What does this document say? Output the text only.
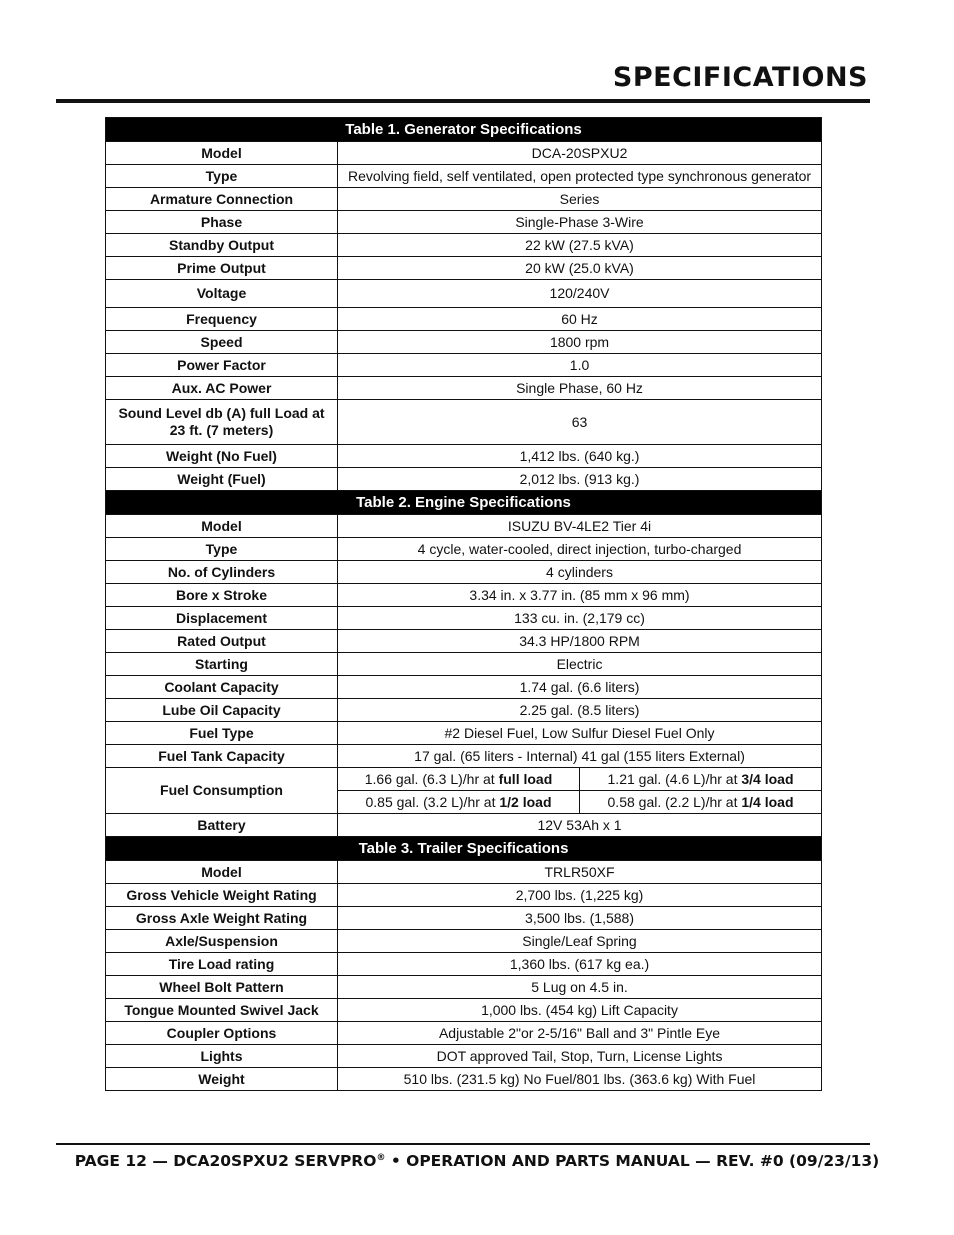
SPECIFICATIONS
Table 1. Generator Specifications		
Model	DCA-20SPXU2	
Type	Revolving field, self ventilated, open protected type synchronous generator	
Armature Connection	Series	
Phase	Single-Phase 3-Wire	
Standby Output	22 kW (27.5 kVA)	
Prime Output	20 kW (25.0 kVA)	
Voltage	120/240V	
Frequency	60 Hz	
Speed	1800 rpm	
Power Factor	1.0	
Aux. AC Power	Single Phase, 60 Hz	
Sound Level db (A) full Load at 23 ft. (7 meters)	63	
Weight (No Fuel)	1,412 lbs. (640 kg.)	
Weight (Fuel)	2,012 lbs. (913 kg.)	
Table 2. Engine Specifications		
Model	ISUZU BV-4LE2 Tier 4i	
Type	4 cycle, water-cooled, direct injection, turbo-charged	
No. of Cylinders	4 cylinders	
Bore x Stroke	3.34 in. x 3.77 in. (85 mm x 96 mm)	
Displacement	133 cu. in. (2,179 cc)	
Rated Output	34.3 HP/1800 RPM	
Starting	Electric	
Coolant Capacity	1.74 gal. (6.6 liters)	
Lube Oil Capacity	2.25 gal. (8.5 liters)	
Fuel Type	#2 Diesel Fuel, Low Sulfur Diesel Fuel Only	
Fuel Tank Capacity	17 gal. (65 liters - Internal) 41 gal (155 liters External)	
Fuel Consumption	1.66 gal. (6.3 L)/hr at full load	1.21 gal. (4.6 L)/hr at 3/4 load
	0.85 gal. (3.2 L)/hr at 1/2 load	0.58 gal. (2.2 L)/hr at 1/4 load
Battery	12V 53Ah x 1	
Table 3. Trailer Specifications		
Model	TRLR50XF	
Gross Vehicle Weight Rating	2,700 lbs. (1,225 kg)	
Gross Axle Weight Rating	3,500 lbs. (1,588)	
Axle/Suspension	Single/Leaf Spring	
Tire Load rating	1,360 lbs. (617 kg ea.)	
Wheel Bolt Pattern	5 Lug on 4.5 in.	
Tongue Mounted Swivel Jack	1,000 lbs. (454 kg) Lift Capacity	
Coupler Options	Adjustable 2"or 2-5/16" Ball and 3" Pintle Eye	
Lights	DOT approved Tail, Stop, Turn, License Lights	
Weight	510 lbs. (231.5 kg) No Fuel/801 lbs. (363.6 kg) With Fuel	
PAGE 12 — DCA20SPXU2 SERVPRO® • OPERATION AND PARTS MANUAL — REV. #0 (09/23/13)
